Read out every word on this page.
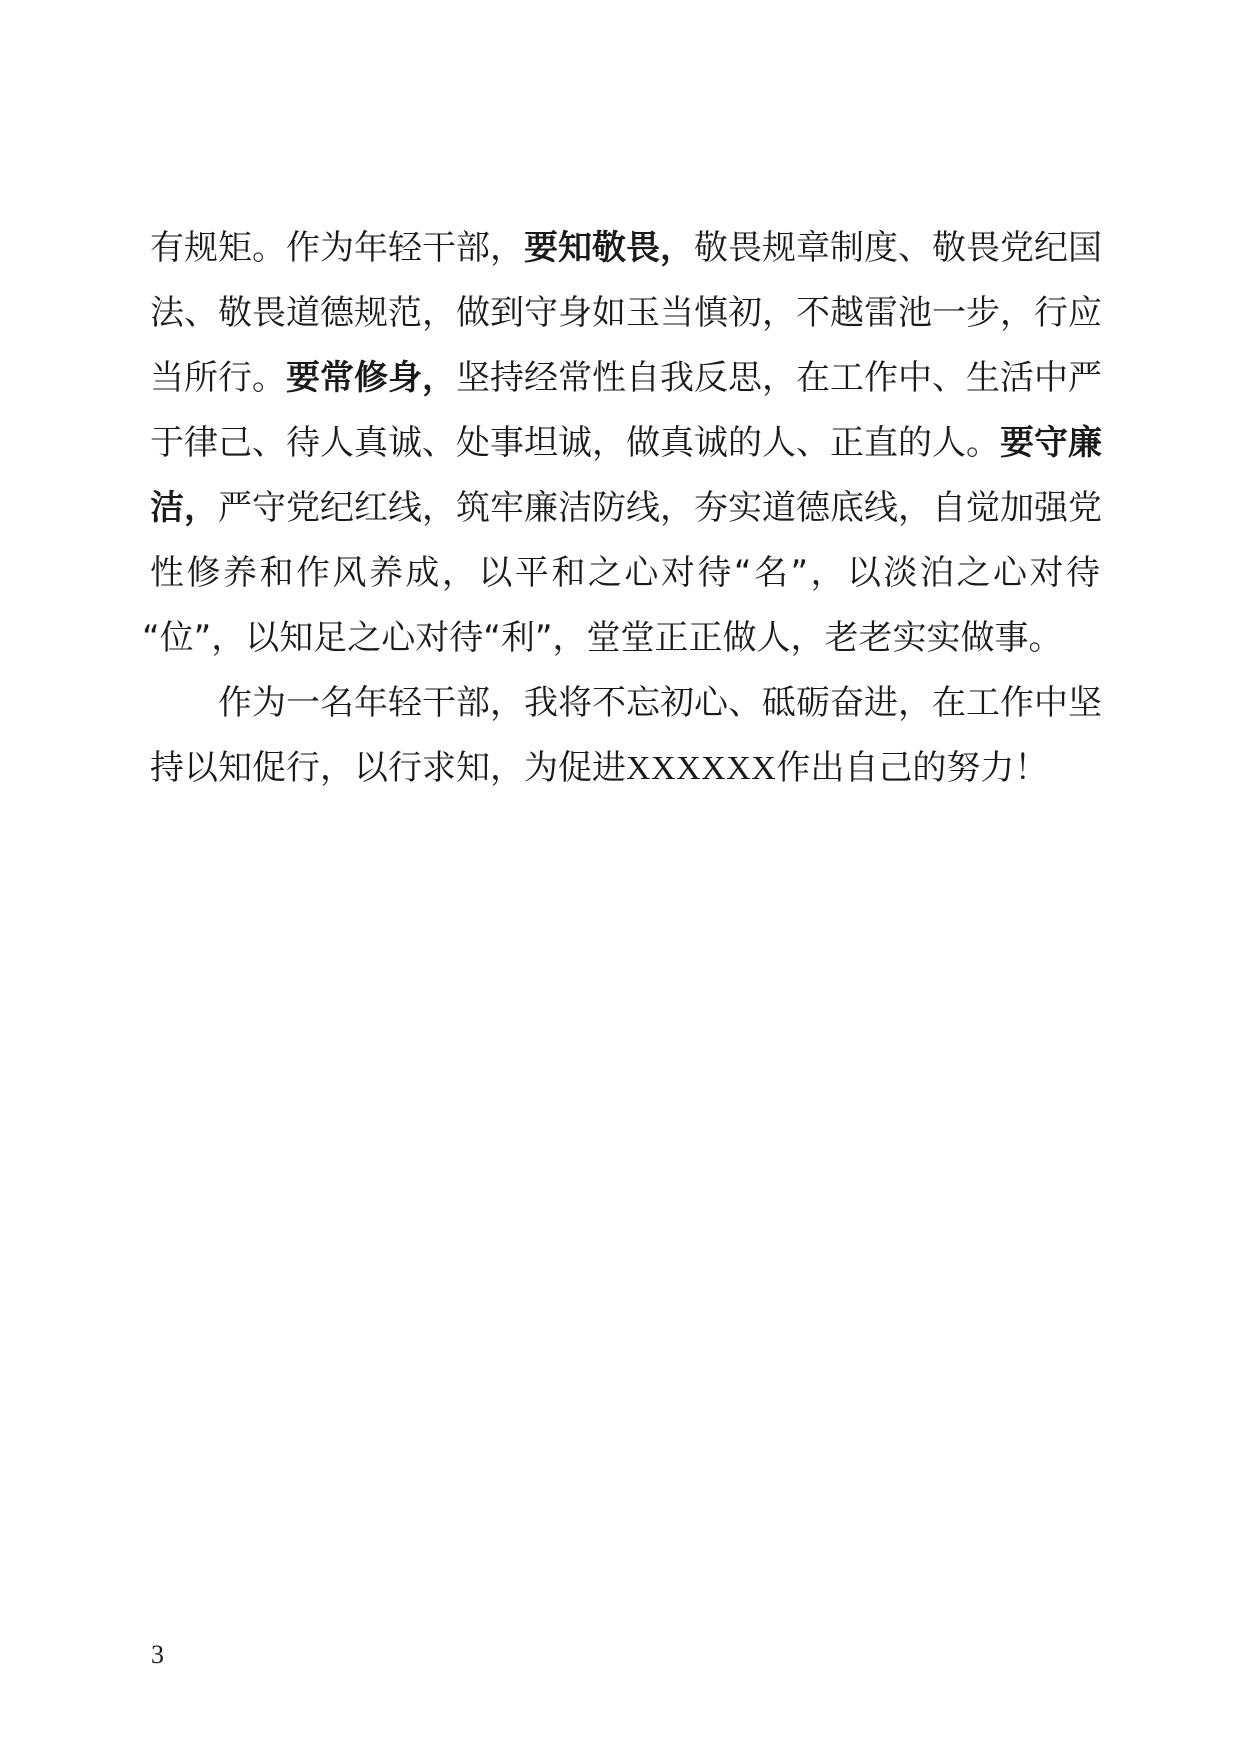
有规矩。作为年轻干部，要知敬畏，敬畏规章制度、敬畏党纪国
法、敬畏道德规范，做到守身如玉当慎初，不越雷池一步，行应
当所行。要常修身，坚持经常性自我反思，在工作中、生活中严
于律己、待人真诚、处事坦诚，做真诚的人、正直的人。要守廉
洁，严守党纪红线，筑牢廉洁防线，夯实道德底线，自觉加强党
性修养和作风养成，以平和之心对待“名”，以淡泊之心对待
“位”，以知足之心对待“利”，堂堂正正做人，老老实实做事。
作为一名年轻干部，我将不忘初心、砥砺奋进，在工作中坚
持以知促行，以行求知，为促进XXXXXX作出自己的努力！
3
